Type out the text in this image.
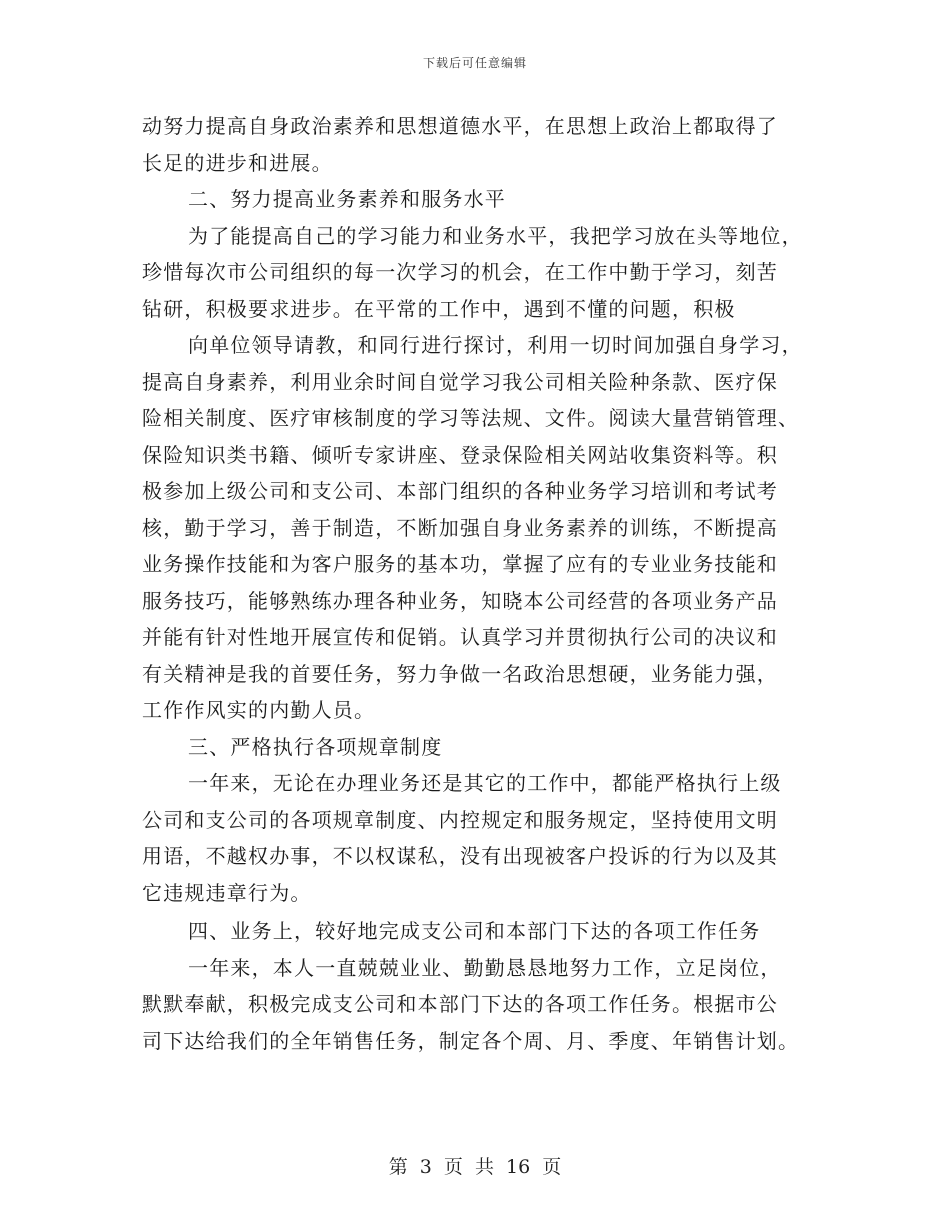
下载后可任意编辑

动努力提高自身政治素养和思想道德水平，在思想上政治上都取得了

长足的进步和进展。

二、努力提高业务素养和服务水平

为了能提高自己的学习能力和业务水平，我把学习放在头等地位，

珍惜每次市公司组织的每一次学习的机会，在工作中勤于学习，刻苦

钻研，积极要求进步。在平常的工作中，遇到不懂的问题，积极

向单位领导请教，和同行进行探讨，利用一切时间加强自身学习，

提高自身素养，利用业余时间自觉学习我公司相关险种条款、医疗保

险相关制度、医疗审核制度的学习等法规、文件。阅读大量营销管理、

保险知识类书籍、倾听专家讲座、登录保险相关网站收集资料等。积

极参加上级公司和支公司、本部门组织的各种业务学习培训和考试考

核，勤于学习，善于制造，不断加强自身业务素养的训练，不断提高

业务操作技能和为客户服务的基本功，掌握了应有的专业业务技能和

服务技巧，能够熟练办理各种业务，知晓本公司经营的各项业务产品

并能有针对性地开展宣传和促销。认真学习并贯彻执行公司的决议和

有关精神是我的首要任务，努力争做一名政治思想硬，业务能力强，

工作作风实的内勤人员。

三、严格执行各项规章制度

一年来，无论在办理业务还是其它的工作中，都能严格执行上级

公司和支公司的各项规章制度、内控规定和服务规定，坚持使用文明

用语，不越权办事，不以权谋私，没有出现被客户投诉的行为以及其

它违规违章行为。

四、业务上，较好地完成支公司和本部门下达的各项工作任务

一年来，本人一直兢兢业业、勤勤恳恳地努力工作，立足岗位，

默默奉献，积极完成支公司和本部门下达的各项工作任务。根据市公

司下达给我们的全年销售任务，制定各个周、月、季度、年销售计划。

第 3 页 共 16 页
